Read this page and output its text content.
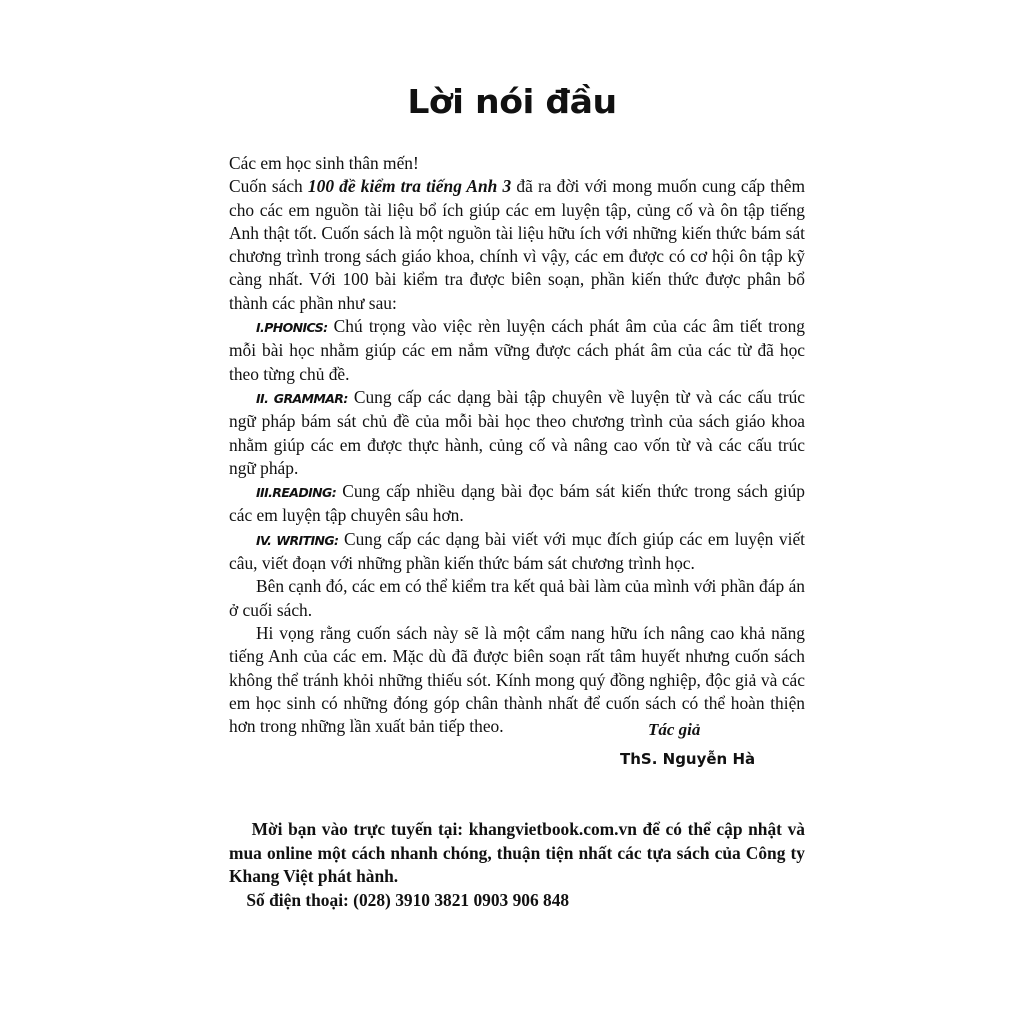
Lời nói đầu

Các em học sinh thân mến!

Cuốn sách 100 đề kiểm tra tiếng Anh 3 đã ra đời với mong muốn cung cấp thêm cho các em nguồn tài liệu bổ ích giúp các em luyện tập, củng cố và ôn tập tiếng Anh thật tốt. Cuốn sách là một nguồn tài liệu hữu ích với những kiến thức bám sát chương trình trong sách giáo khoa, chính vì vậy, các em được có cơ hội ôn tập kỹ càng nhất. Với 100 bài kiểm tra được biên soạn, phần kiến thức được phân bổ thành các phần như sau:

I.PHONICS: Chú trọng vào việc rèn luyện cách phát âm của các âm tiết trong mỗi bài học nhằm giúp các em nắm vững được cách phát âm của các từ đã học theo từng chủ đề.

II. GRAMMAR: Cung cấp các dạng bài tập chuyên về luyện từ và các cấu trúc ngữ pháp bám sát chủ đề của mỗi bài học theo chương trình của sách giáo khoa nhằm giúp các em được thực hành, củng cố và nâng cao vốn từ và các cấu trúc ngữ pháp.

III.READING: Cung cấp nhiều dạng bài đọc bám sát kiến thức trong sách giúp các em luyện tập chuyên sâu hơn.

IV. WRITING: Cung cấp các dạng bài viết với mục đích giúp các em luyện viết câu, viết đoạn với những phần kiến thức bám sát chương trình học.

Bên cạnh đó, các em có thể kiểm tra kết quả bài làm của mình với phần đáp án ở cuối sách.

Hi vọng rằng cuốn sách này sẽ là một cẩm nang hữu ích nâng cao khả năng tiếng Anh của các em. Mặc dù đã được biên soạn rất tâm huyết nhưng cuốn sách không thể tránh khỏi những thiếu sót. Kính mong quý đồng nghiệp, độc giả và các em học sinh có những đóng góp chân thành nhất để cuốn sách có thể hoàn thiện hơn trong những lần xuất bản tiếp theo.	Tác giả
ThS. Nguyễn Hà

Mời bạn vào trực tuyến tại: khangvietbook.com.vn để có thể cập nhật và mua online một cách nhanh chóng, thuận tiện nhất các tựa sách của Công ty Khang Việt phát hành.

Số điện thoại: (028) 3910 3821 0903 906 848
